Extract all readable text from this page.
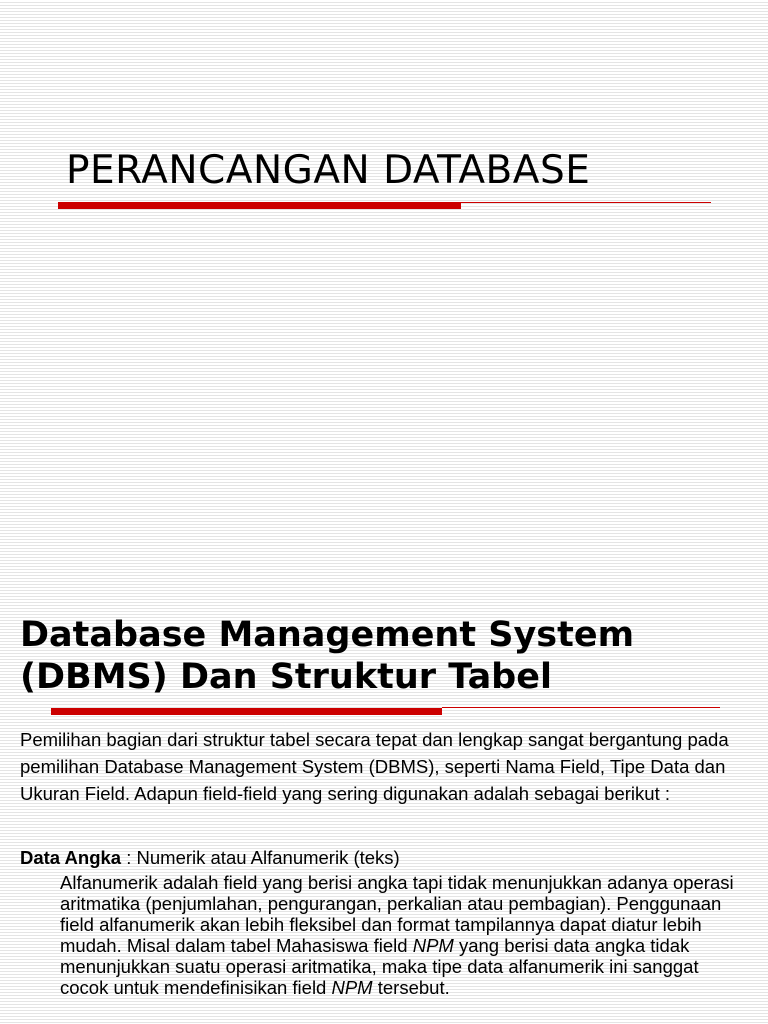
PERANCANGAN DATABASE
Database Management System
(DBMS) Dan Struktur Tabel

Pemilihan bagian dari struktur tabel secara tepat dan lengkap sangat bergantung pada pemilihan Database Management System (DBMS), seperti Nama Field, Tipe Data dan Ukuran Field. Adapun field-field yang sering digunakan adalah sebagai berikut :

Data Angka : Numerik atau Alfanumerik (teks)

Alfanumerik adalah field yang berisi angka tapi tidak menunjukkan adanya operasi aritmatika (penjumlahan, pengurangan, perkalian atau pembagian). Penggunaan field alfanumerik akan lebih fleksibel dan format tampilannya dapat diatur lebih mudah. Misal dalam tabel Mahasiswa field NPM yang berisi data angka tidak menunjukkan suatu operasi aritmatika, maka tipe data alfanumerik ini sanggat cocok untuk mendefinisikan field NPM tersebut.
